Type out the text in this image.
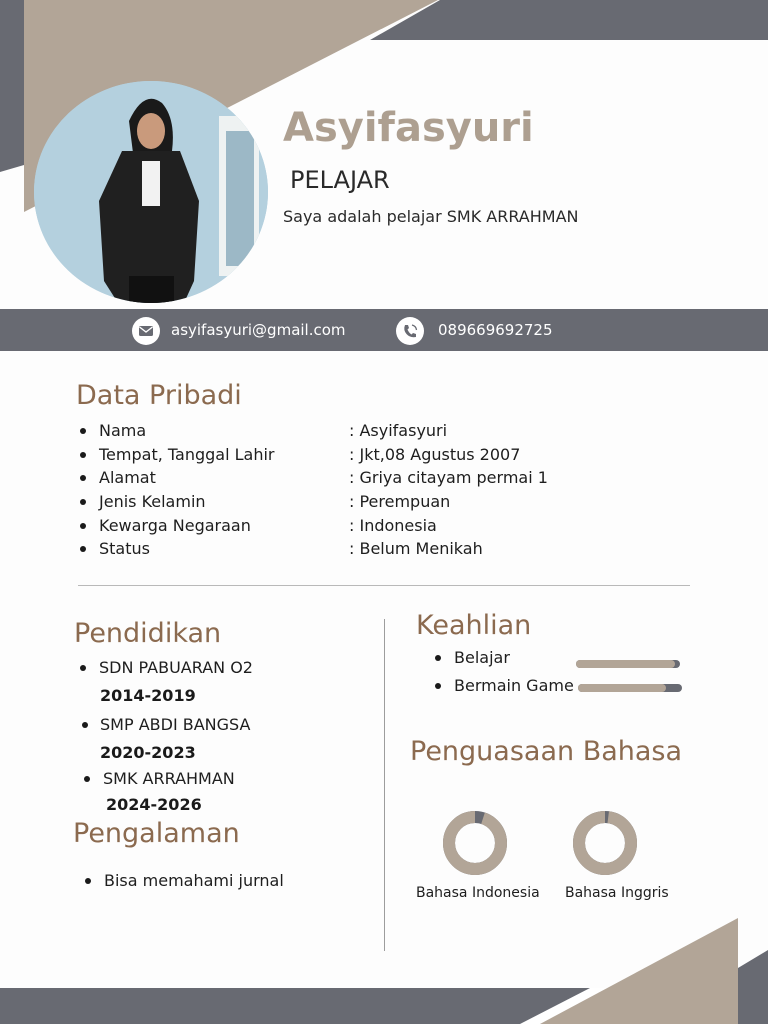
Asyifasyuri
PELAJAR
Saya adalah pelajar SMK ARRAHMAN
asyifasyuri@gmail.com	089669692725
Data Pribadi
Nama	: Asyifasyuri
Tempat, Tanggal Lahir	: Jkt,08 Agustus 2007
Alamat	: Griya citayam permai 1
Jenis Kelamin	: Perempuan
Kewarga Negaraan	: Indonesia
Status	: Belum Menikah
Pendidikan
SDN PABUARAN O2
2014-2019
SMP ABDI BANGSA
2020-2023
SMK ARRAHMAN
2024-2026
Pengalaman
Bisa memahami jurnal
Keahlian
Belajar
Bermain Game
Penguasaan Bahasa
Bahasa Indonesia Bahasa Inggris
